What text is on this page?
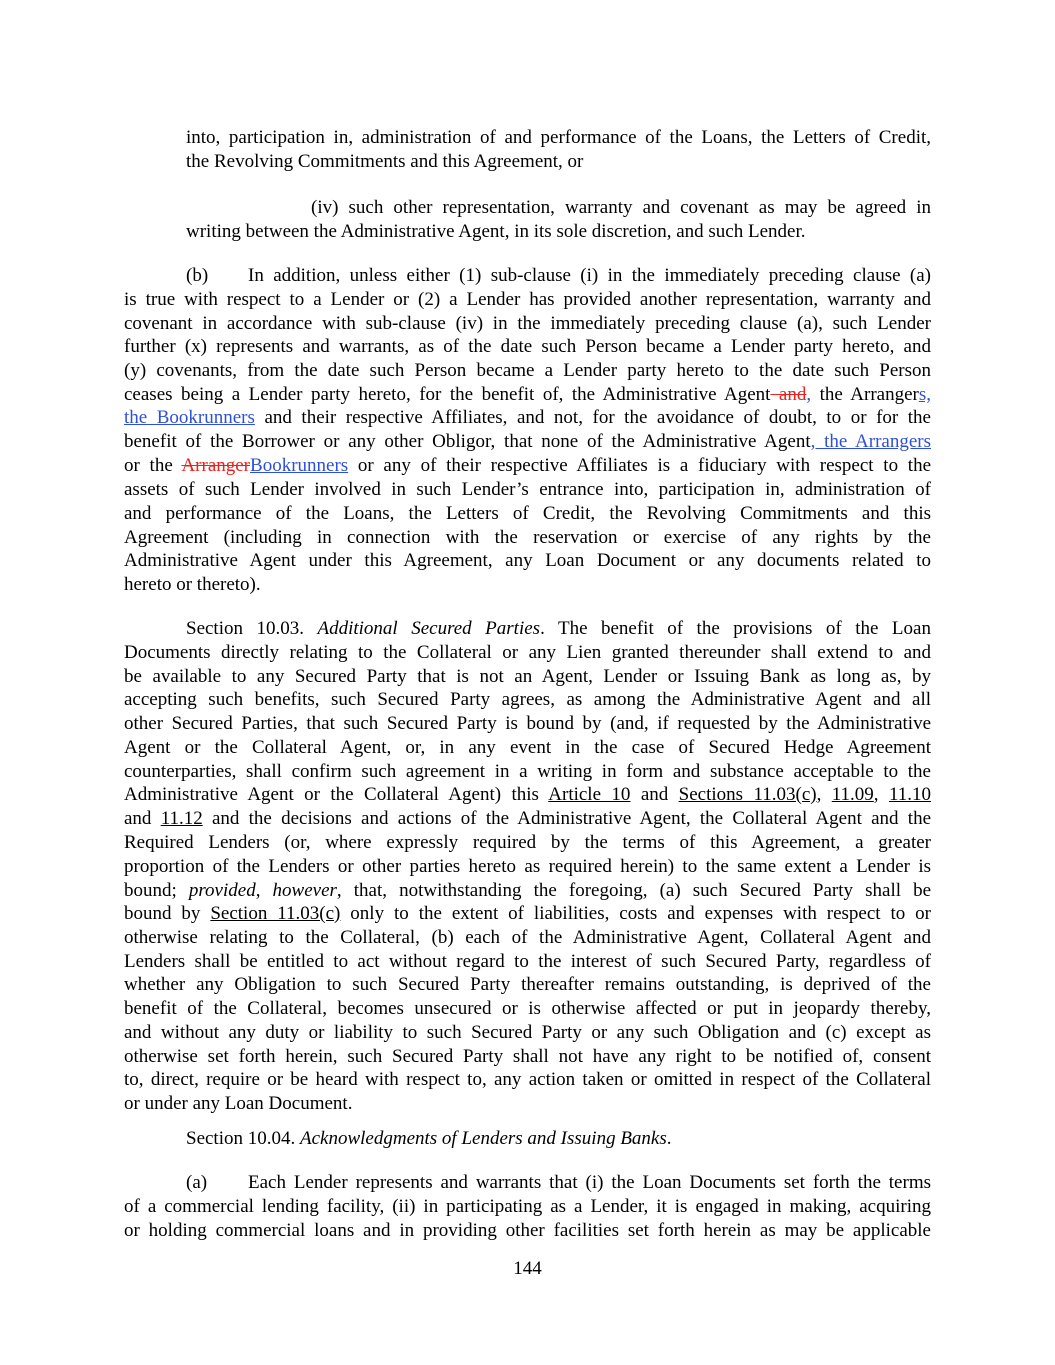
into, participation in, administration of and performance of the Loans, the Letters of Credit,
the Revolving Commitments and this Agreement, or
(iv) such other representation, warranty and covenant as may be agreed in
writing between the Administrative Agent, in its sole discretion, and such Lender.
(b) In addition, unless either (1) sub-clause (i) in the immediately preceding clause (a)
is true with respect to a Lender or (2) a Lender has provided another representation, warranty and
covenant in accordance with sub-clause (iv) in the immediately preceding clause (a), such Lender
further (x) represents and warrants, as of the date such Person became a Lender party hereto, and
(y) covenants, from the date such Person became a Lender party hereto to the date such Person
ceases being a Lender party hereto, for the benefit of, the Administrative Agent and, the Arrangers,
the Bookrunners and their respective Affiliates, and not, for the avoidance of doubt, to or for the
benefit of the Borrower or any other Obligor, that none of the Administrative Agent, the Arrangers
or the ArrangerBookrunners or any of their respective Affiliates is a fiduciary with respect to the
assets of such Lender involved in such Lender’s entrance into, participation in, administration of
and performance of the Loans, the Letters of Credit, the Revolving Commitments and this
Agreement (including in connection with the reservation or exercise of any rights by the
Administrative Agent under this Agreement, any Loan Document or any documents related to
hereto or thereto).
Section 10.03. Additional Secured Parties. The benefit of the provisions of the Loan
Documents directly relating to the Collateral or any Lien granted thereunder shall extend to and
be available to any Secured Party that is not an Agent, Lender or Issuing Bank as long as, by
accepting such benefits, such Secured Party agrees, as among the Administrative Agent and all
other Secured Parties, that such Secured Party is bound by (and, if requested by the Administrative
Agent or the Collateral Agent, or, in any event in the case of Secured Hedge Agreement
counterparties, shall confirm such agreement in a writing in form and substance acceptable to the
Administrative Agent or the Collateral Agent) this Article 10 and Sections 11.03(c), 11.09, 11.10
and 11.12 and the decisions and actions of the Administrative Agent, the Collateral Agent and the
Required Lenders (or, where expressly required by the terms of this Agreement, a greater
proportion of the Lenders or other parties hereto as required herein) to the same extent a Lender is
bound; provided, however, that, notwithstanding the foregoing, (a) such Secured Party shall be
bound by Section 11.03(c) only to the extent of liabilities, costs and expenses with respect to or
otherwise relating to the Collateral, (b) each of the Administrative Agent, Collateral Agent and
Lenders shall be entitled to act without regard to the interest of such Secured Party, regardless of
whether any Obligation to such Secured Party thereafter remains outstanding, is deprived of the
benefit of the Collateral, becomes unsecured or is otherwise affected or put in jeopardy thereby,
and without any duty or liability to such Secured Party or any such Obligation and (c) except as
otherwise set forth herein, such Secured Party shall not have any right to be notified of, consent
to, direct, require or be heard with respect to, any action taken or omitted in respect of the Collateral
or under any Loan Document.
Section 10.04. Acknowledgments of Lenders and Issuing Banks.
(a) Each Lender represents and warrants that (i) the Loan Documents set forth the terms
of a commercial lending facility, (ii) in participating as a Lender, it is engaged in making, acquiring
or holding commercial loans and in providing other facilities set forth herein as may be applicable
144
